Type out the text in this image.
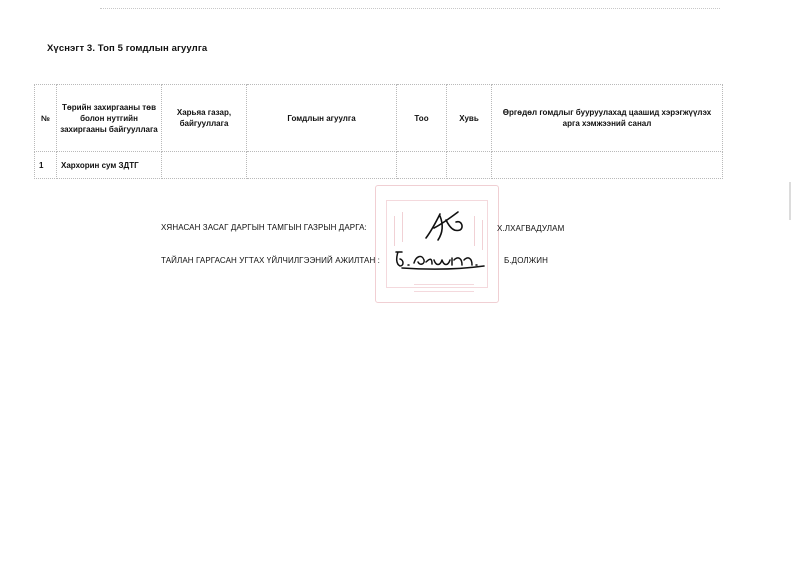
Хүснэгт 3. Топ 5 гомдлын агуулга
№	Төрийн захиргааны төв болон нутгийн захиргааны байгууллага	Харьяа газар, байгууллага	Гомдлын агуулга	Тоо	Хувь	Өргөдөл гомдлыг бууруулахад цаашид хэрэгжүүлэх арга хэмжээний санал
1	Хархорин сум ЗДТГ					
ХЯНАСАН ЗАСАГ ДАРГЫН ТАМГЫН ГАЗРЫН ДАРГА:	Х.ЛХАГВАДУЛАМ
ТАЙЛАН ГАРГАСАН УГТАХ ҮЙЛЧИЛГЭЭНИЙ АЖИЛТАН :	Б.ДОЛЖИН
